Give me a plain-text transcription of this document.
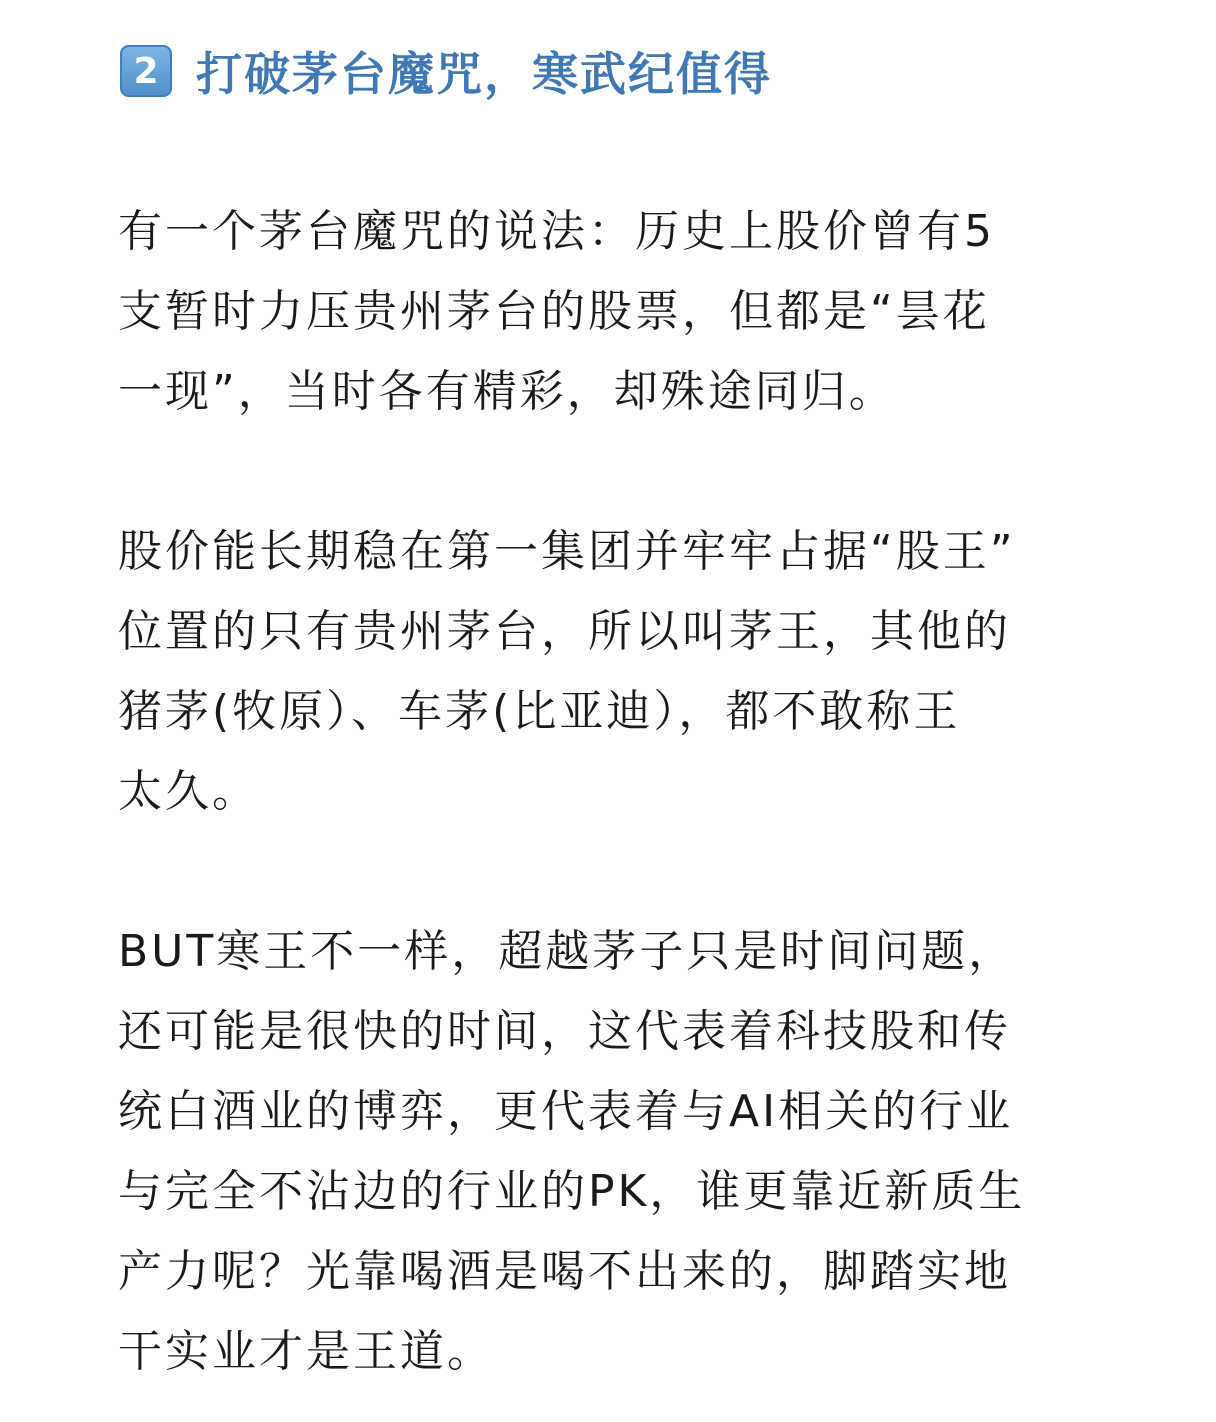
2 打破茅台魔咒，寒武纪值得

有一个茅台魔咒的说法：历史上股价曾有5
支暂时力压贵州茅台的股票，但都是“昙花
一现”，当时各有精彩，却殊途同归。

股价能长期稳在第一集团并牢牢占据“股王”
位置的只有贵州茅台，所以叫茅王，其他的
猪茅(牧原）、车茅(比亚迪），都不敢称王
太久。

BUT寒王不一样，超越茅子只是时间问题，
还可能是很快的时间，这代表着科技股和传
统白酒业的博弈，更代表着与AI相关的行业
与完全不沾边的行业的PK，谁更靠近新质生
产力呢？光靠喝酒是喝不出来的，脚踏实地
干实业才是王道。
